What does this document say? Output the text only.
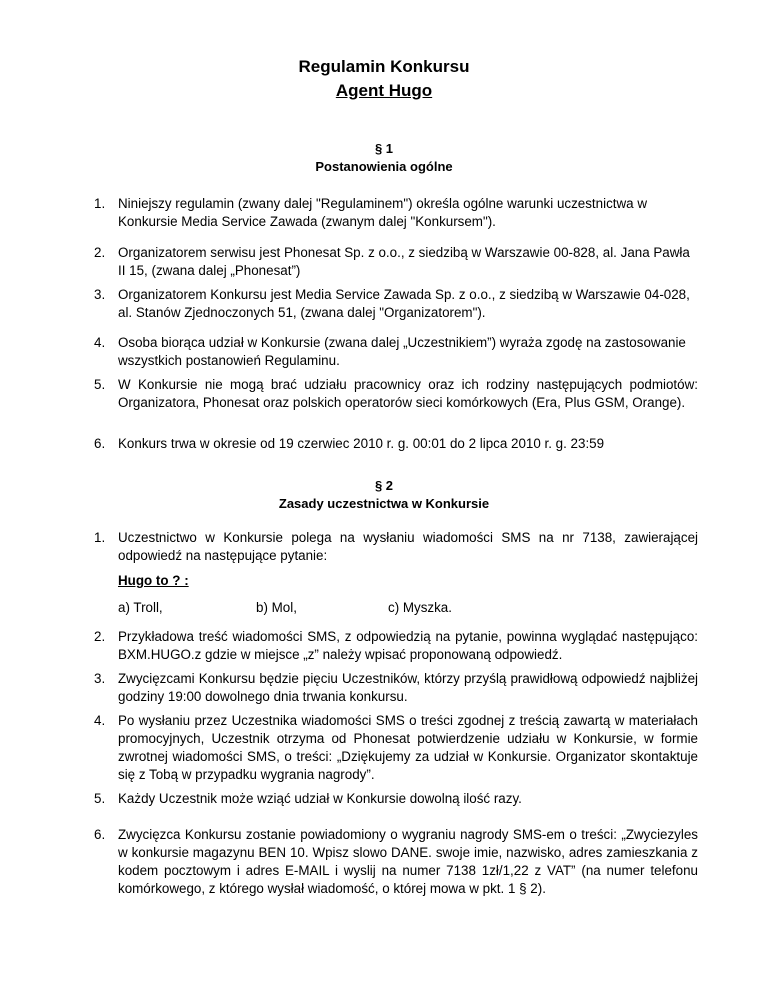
Regulamin Konkursu
Agent Hugo
§ 1
Postanowienia ogólne
1. Niniejszy regulamin (zwany dalej "Regulaminem") określa ogólne warunki uczestnictwa w Konkursie Media Service Zawada (zwanym dalej "Konkursem").
2. Organizatorem serwisu jest Phonesat Sp. z o.o., z siedzibą w Warszawie 00-828, al. Jana Pawła II 15, (zwana dalej „Phonesat”)
3. Organizatorem Konkursu jest Media Service Zawada Sp. z o.o., z siedzibą w Warszawie 04-028, al. Stanów Zjednoczonych 51, (zwana dalej "Organizatorem").
4. Osoba biorąca udział w Konkursie (zwana dalej „Uczestnikiem”) wyraża zgodę na zastosowanie wszystkich postanowień Regulaminu.
5. W Konkursie nie mogą brać udziału pracownicy oraz ich rodziny następujących podmiotów: Organizatora, Phonesat oraz polskich operatorów sieci komórkowych (Era, Plus GSM, Orange).
6. Konkurs trwa w okresie od 19 czerwiec 2010 r. g. 00:01 do 2 lipca 2010 r. g. 23:59
§ 2
Zasady uczestnictwa w Konkursie
1. Uczestnictwo w Konkursie polega na wysłaniu wiadomości SMS na nr 7138, zawierającej odpowiedź na następujące pytanie:
Hugo to ? :
a) Troll,	b) Mol,	c) Myszka.
2. Przykładowa treść wiadomości SMS, z odpowiedzią na pytanie, powinna wyglądać następująco: BXM.HUGO.z gdzie w miejsce „z” należy wpisać proponowaną odpowiedź.
3. Zwycięzcami Konkursu będzie pięciu Uczestników, którzy przyślą prawidłową odpowiedź najbliżej godziny 19:00 dowolnego dnia trwania konkursu.
4. Po wysłaniu przez Uczestnika wiadomości SMS o treści zgodnej z treścią zawartą w materiałach promocyjnych, Uczestnik otrzyma od Phonesat potwierdzenie udziału w Konkursie, w formie zwrotnej wiadomości SMS, o treści: „Dziękujemy za udział w Konkursie. Organizator skontaktuje się z Tobą w przypadku wygrania nagrody”.
5. Każdy Uczestnik może wziąć udział w Konkursie dowolną ilość razy.
6. Zwycięzca Konkursu zostanie powiadomiony o wygraniu nagrody SMS-em o treści: „Zwyciezyles w konkursie magazynu BEN 10. Wpisz slowo DANE. swoje imie, nazwisko, adres zamieszkania z kodem pocztowym i adres E-MAIL i wyslij na numer 7138 1zł/1,22 z VAT” (na numer telefonu komórkowego, z którego wysłał wiadomość, o której mowa w pkt. 1 § 2).
